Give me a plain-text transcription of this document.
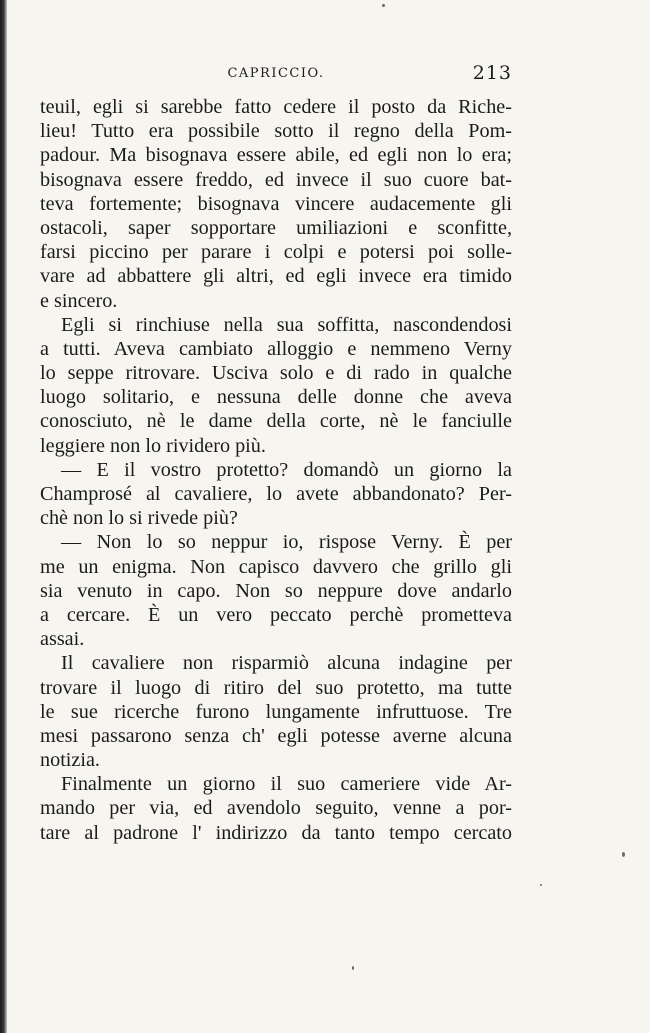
CAPRICCIO.	213
teuil, egli si sarebbe fatto cedere il posto da Riche-
lieu! Tutto era possibile sotto il regno della Pom-
padour. Ma bisognava essere abile, ed egli non lo era;
bisognava essere freddo, ed invece il suo cuore bat-
teva fortemente; bisognava vincere audacemente gli
ostacoli, saper sopportare umiliazioni e sconfitte,
farsi piccino per parare i colpi e potersi poi solle-
vare ad abbattere gli altri, ed egli invece era timido
e sincero.
Egli si rinchiuse nella sua soffitta, nascondendosi
a tutti. Aveva cambiato alloggio e nemmeno Verny
lo seppe ritrovare. Usciva solo e di rado in qualche
luogo solitario, e nessuna delle donne che aveva
conosciuto, nè le dame della corte, nè le fanciulle
leggiere non lo rividero più.
— E il vostro protetto? domandò un giorno la
Champrosé al cavaliere, lo avete abbandonato? Per-
chè non lo si rivede più?
— Non lo so neppur io, rispose Verny. È per
me un enigma. Non capisco davvero che grillo gli
sia venuto in capo. Non so neppure dove andarlo
a cercare. È un vero peccato perchè prometteva
assai.
Il cavaliere non risparmiò alcuna indagine per
trovare il luogo di ritiro del suo protetto, ma tutte
le sue ricerche furono lungamente infruttuose. Tre
mesi passarono senza ch' egli potesse averne alcuna
notizia.
Finalmente un giorno il suo cameriere vide Ar-
mando per via, ed avendolo seguito, venne a por-
tare al padrone l' indirizzo da tanto tempo cercato
